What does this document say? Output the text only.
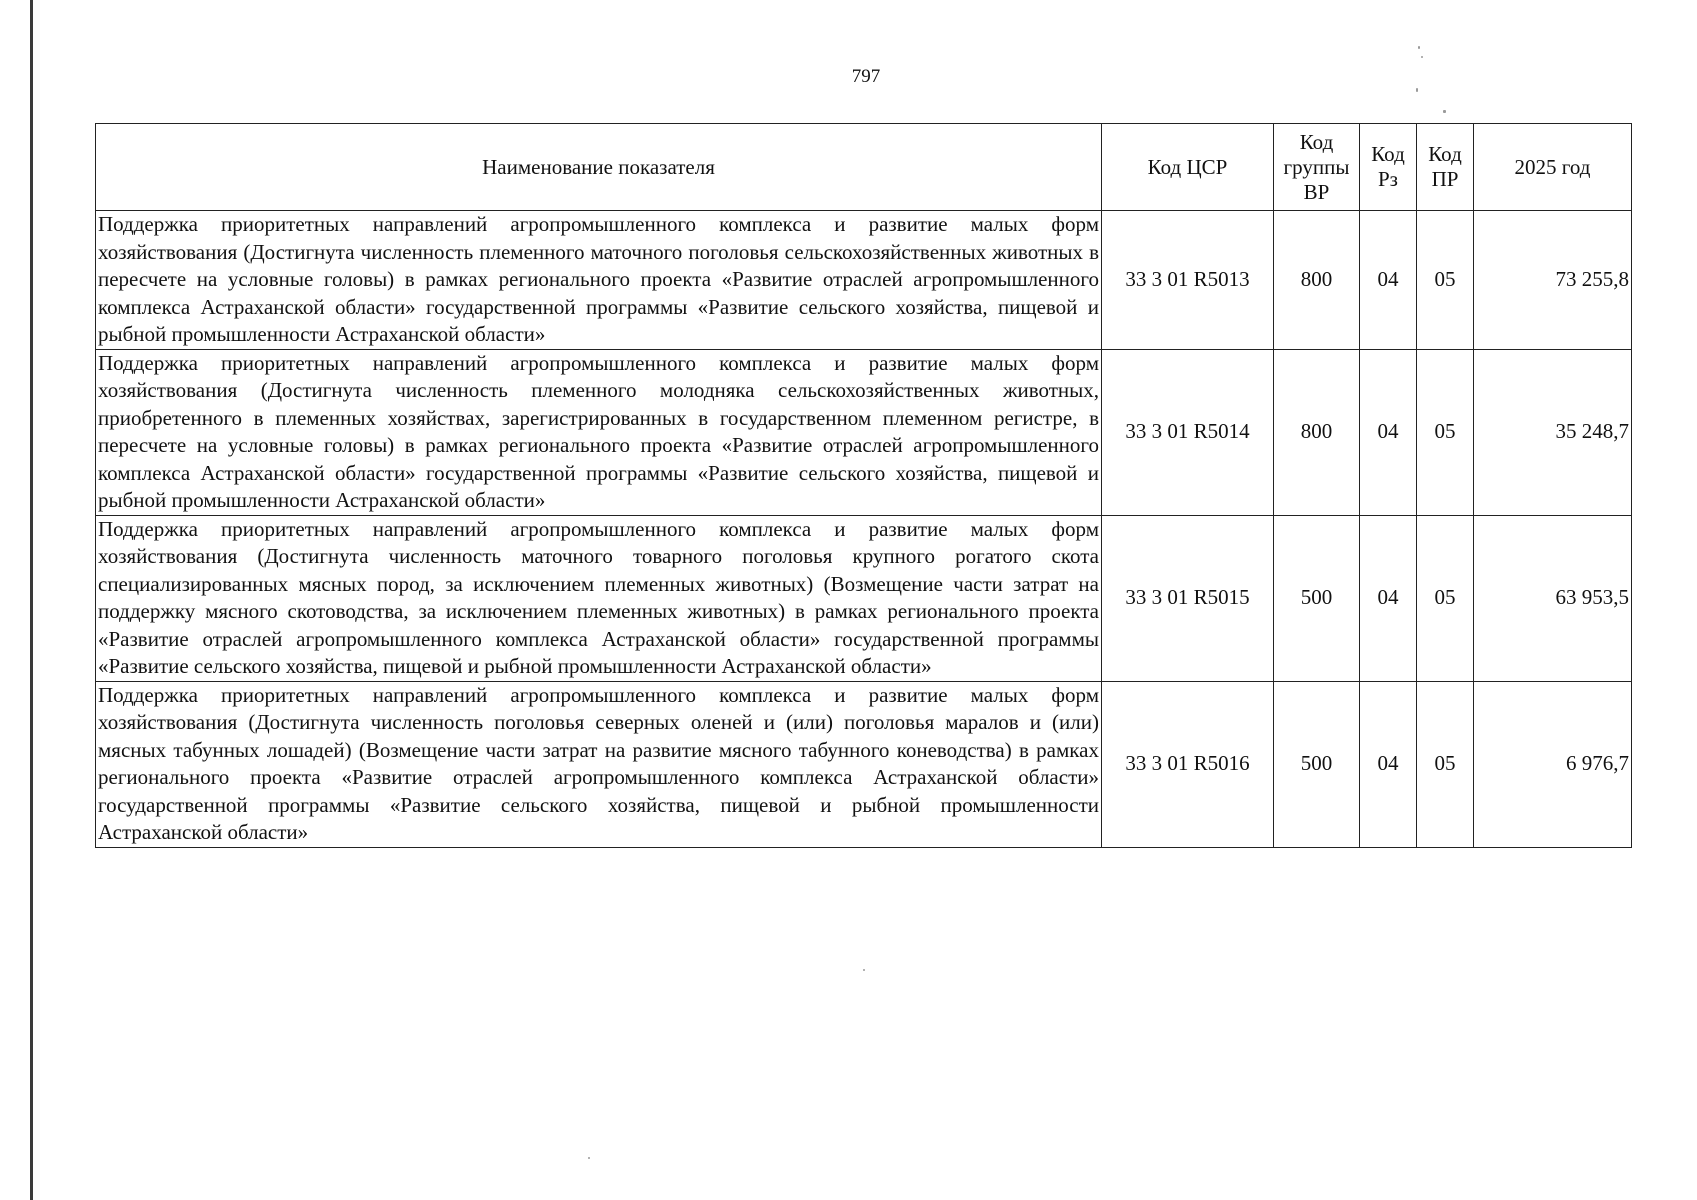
797
Наименование показателя	Код ЦСР	Код группы ВР	Код Рз	Код ПР	2025 год
Поддержка приоритетных направлений агропромышленного комплекса и развитие малых форм хозяйствования (Достигнута численность племенного маточного поголовья сельскохозяйственных животных в пересчете на условные головы) в рамках регионального проекта «Развитие отраслей агропромышленного комплекса Астраханской области» государственной программы «Развитие сельского хозяйства, пищевой и рыбной промышленности Астраханской области»	33 3 01 R5013	800	04	05	73 255,8
Поддержка приоритетных направлений агропромышленного комплекса и развитие малых форм хозяйствования (Достигнута численность племенного молодняка сельскохозяйственных животных, приобретенного в племенных хозяйствах, зарегистрированных в государственном племенном регистре, в пересчете на условные головы) в рамках регионального проекта «Развитие отраслей агропромышленного комплекса Астраханской области» государственной программы «Развитие сельского хозяйства, пищевой и рыбной промышленности Астраханской области»	33 3 01 R5014	800	04	05	35 248,7
Поддержка приоритетных направлений агропромышленного комплекса и развитие малых форм хозяйствования (Достигнута численность маточного товарного поголовья крупного рогатого скота специализированных мясных пород, за исключением племенных животных) (Возмещение части затрат на поддержку мясного скотоводства, за исключением племенных животных) в рамках регионального проекта «Развитие отраслей агропромышленного комплекса Астраханской области» государственной программы «Развитие сельского хозяйства, пищевой и рыбной промышленности Астраханской области»	33 3 01 R5015	500	04	05	63 953,5
Поддержка приоритетных направлений агропромышленного комплекса и развитие малых форм хозяйствования (Достигнута численность поголовья северных оленей и (или) поголовья маралов и (или) мясных табунных лошадей) (Возмещение части затрат на развитие мясного табунного коневодства) в рамках регионального проекта «Развитие отраслей агропромышленного комплекса Астраханской области» государственной программы «Развитие сельского хозяйства, пищевой и рыбной промышленности Астраханской области»	33 3 01 R5016	500	04	05	6 976,7
